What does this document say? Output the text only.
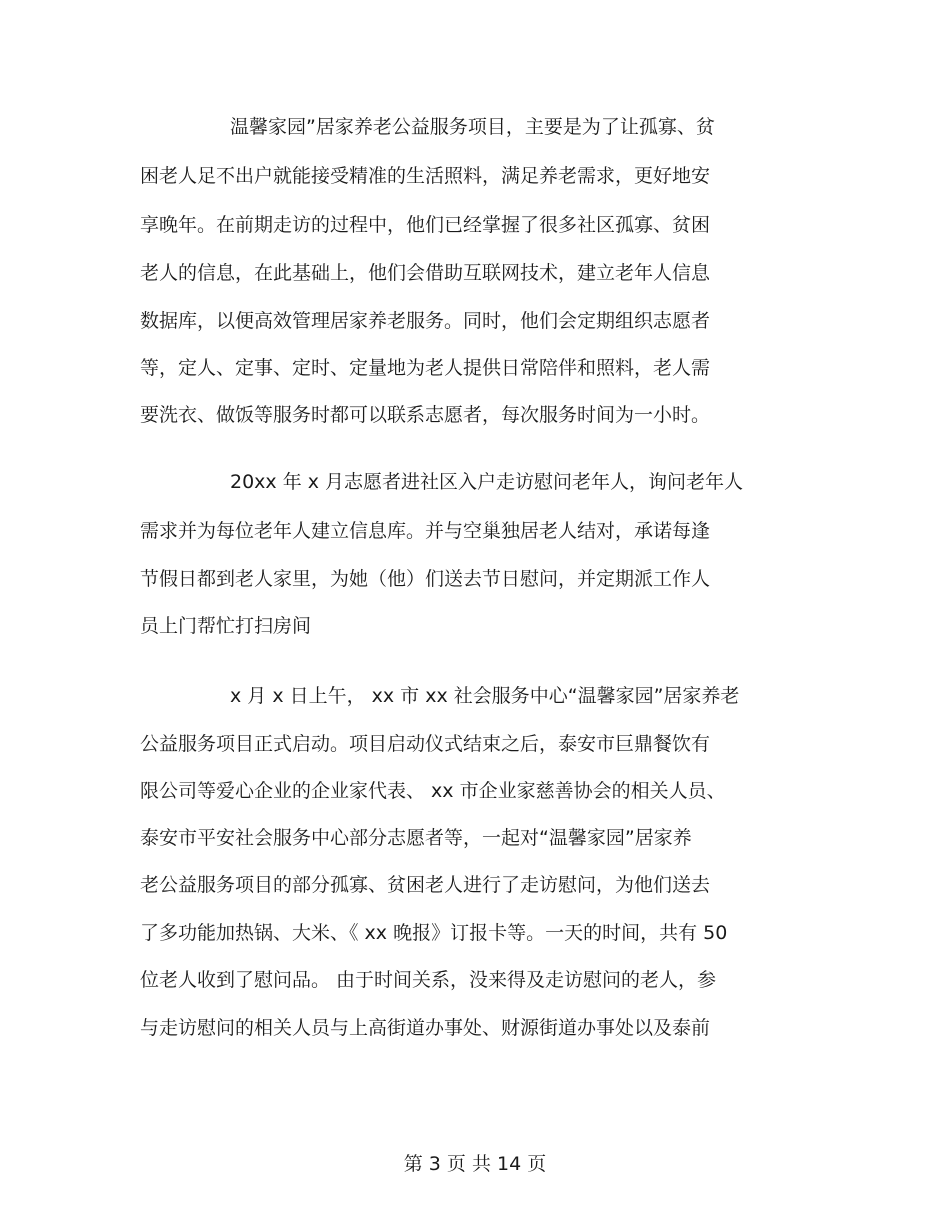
温馨家园”居家养老公益服务项目，主要是为了让孤寡、贫
困老人足不出户就能接受精准的生活照料，满足养老需求，更好地安
享晚年。在前期走访的过程中，他们已经掌握了很多社区孤寡、贫困
老人的信息，在此基础上，他们会借助互联网技术，建立老年人信息
数据库，以便高效管理居家养老服务。同时，他们会定期组织志愿者
等，定人、定事、定时、定量地为老人提供日常陪伴和照料，老人需
要洗衣、做饭等服务时都可以联系志愿者，每次服务时间为一小时。
20xx 年 x 月志愿者进社区入户走访慰问老年人，询问老年人
需求并为每位老年人建立信息库。并与空巢独居老人结对，承诺每逢
节假日都到老人家里，为她（他）们送去节日慰问，并定期派工作人
员上门帮忙打扫房间
x 月 x 日上午， xx 市 xx 社会服务中心“温馨家园”居家养老
公益服务项目正式启动。项目启动仪式结束之后，泰安市巨鼎餐饮有
限公司等爱心企业的企业家代表、 xx 市企业家慈善协会的相关人员、
泰安市平安社会服务中心部分志愿者等，一起对“温馨家园”居家养
老公益服务项目的部分孤寡、贫困老人进行了走访慰问，为他们送去
了多功能加热锅、大米、《 xx 晚报》订报卡等。一天的时间，共有 50
位老人收到了慰问品。 由于时间关系，没来得及走访慰问的老人，参
与走访慰问的相关人员与上高街道办事处、财源街道办事处以及泰前
第 3 页 共 14 页
